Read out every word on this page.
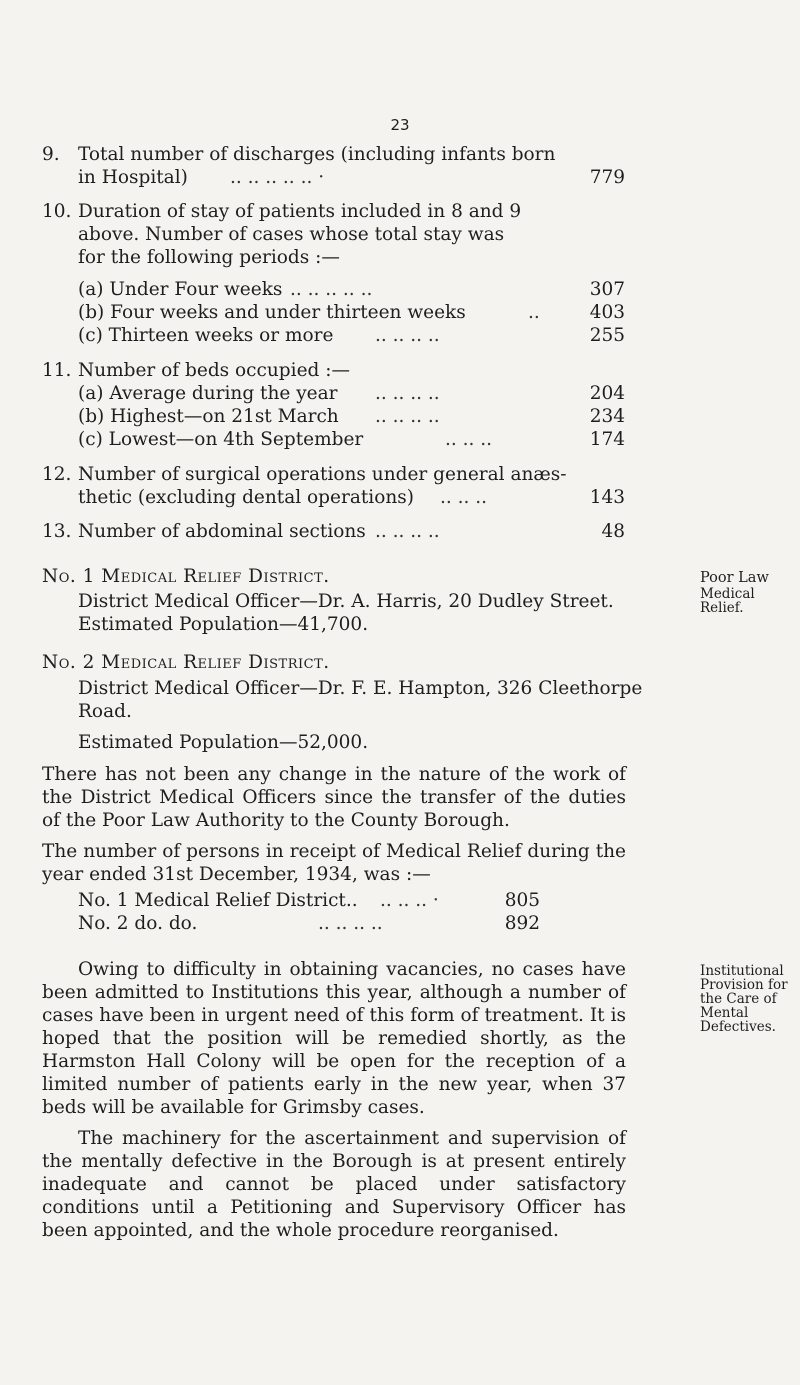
23
9. Total number of discharges (including infants born
in Hospital) .. .. .. .. .. ·	779
10. Duration of stay of patients included in 8 and 9
above. Number of cases whose total stay was
for the following periods :—
(a) Under Four weeks .. .. .. .. ..	307
(b) Four weeks and under thirteen weeks	..	403
(c) Thirteen weeks or more .. .. .. ..	255
11. Number of beds occupied :—
(a) Average during the year .. .. .. ..	204
(b) Highest—on 21st March .. .. .. ..	234
(c) Lowest—on 4th September	.. .. ..	174
12. Number of surgical operations under general anæs-
thetic (excluding dental operations) .. .. ..	143
13. Number of abdominal sections .. .. .. ..	48
No. 1 Medical Relief District.
District Medical Officer—Dr. A. Harris, 20 Dudley Street.
Estimated Population—41,700.
Poor Law
Medical
Relief.
No. 2 Medical Relief District.
District Medical Officer—Dr. F. E. Hampton, 326 Cleethorpe
Road.
Estimated Population—52,000.
There has not been any change in the nature of the work of the District Medical Officers since the transfer of the duties of the Poor Law Authority to the County Borough.
The number of persons in receipt of Medical Relief during the year ended 31st December, 1934, was :—
No. 1 Medical Relief District.. .. .. .. ·	805
No. 2 do. do.	.. .. .. ..	892
Owing to difficulty in obtaining vacancies, no cases have been admitted to Institutions this year, although a number of cases have been in urgent need of this form of treatment. It is hoped that the position will be remedied shortly, as the Harmston Hall Colony will be open for the reception of a limited number of patients early in the new year, when 37 beds will be available for Grimsby cases.
Institutional
Provision for
the Care of
Mental
Defectives.
The machinery for the ascertainment and supervision of the mentally defective in the Borough is at present entirely inadequate and cannot be placed under satisfactory conditions until a Petitioning and Supervisory Officer has been appointed, and the whole procedure reorganised.
